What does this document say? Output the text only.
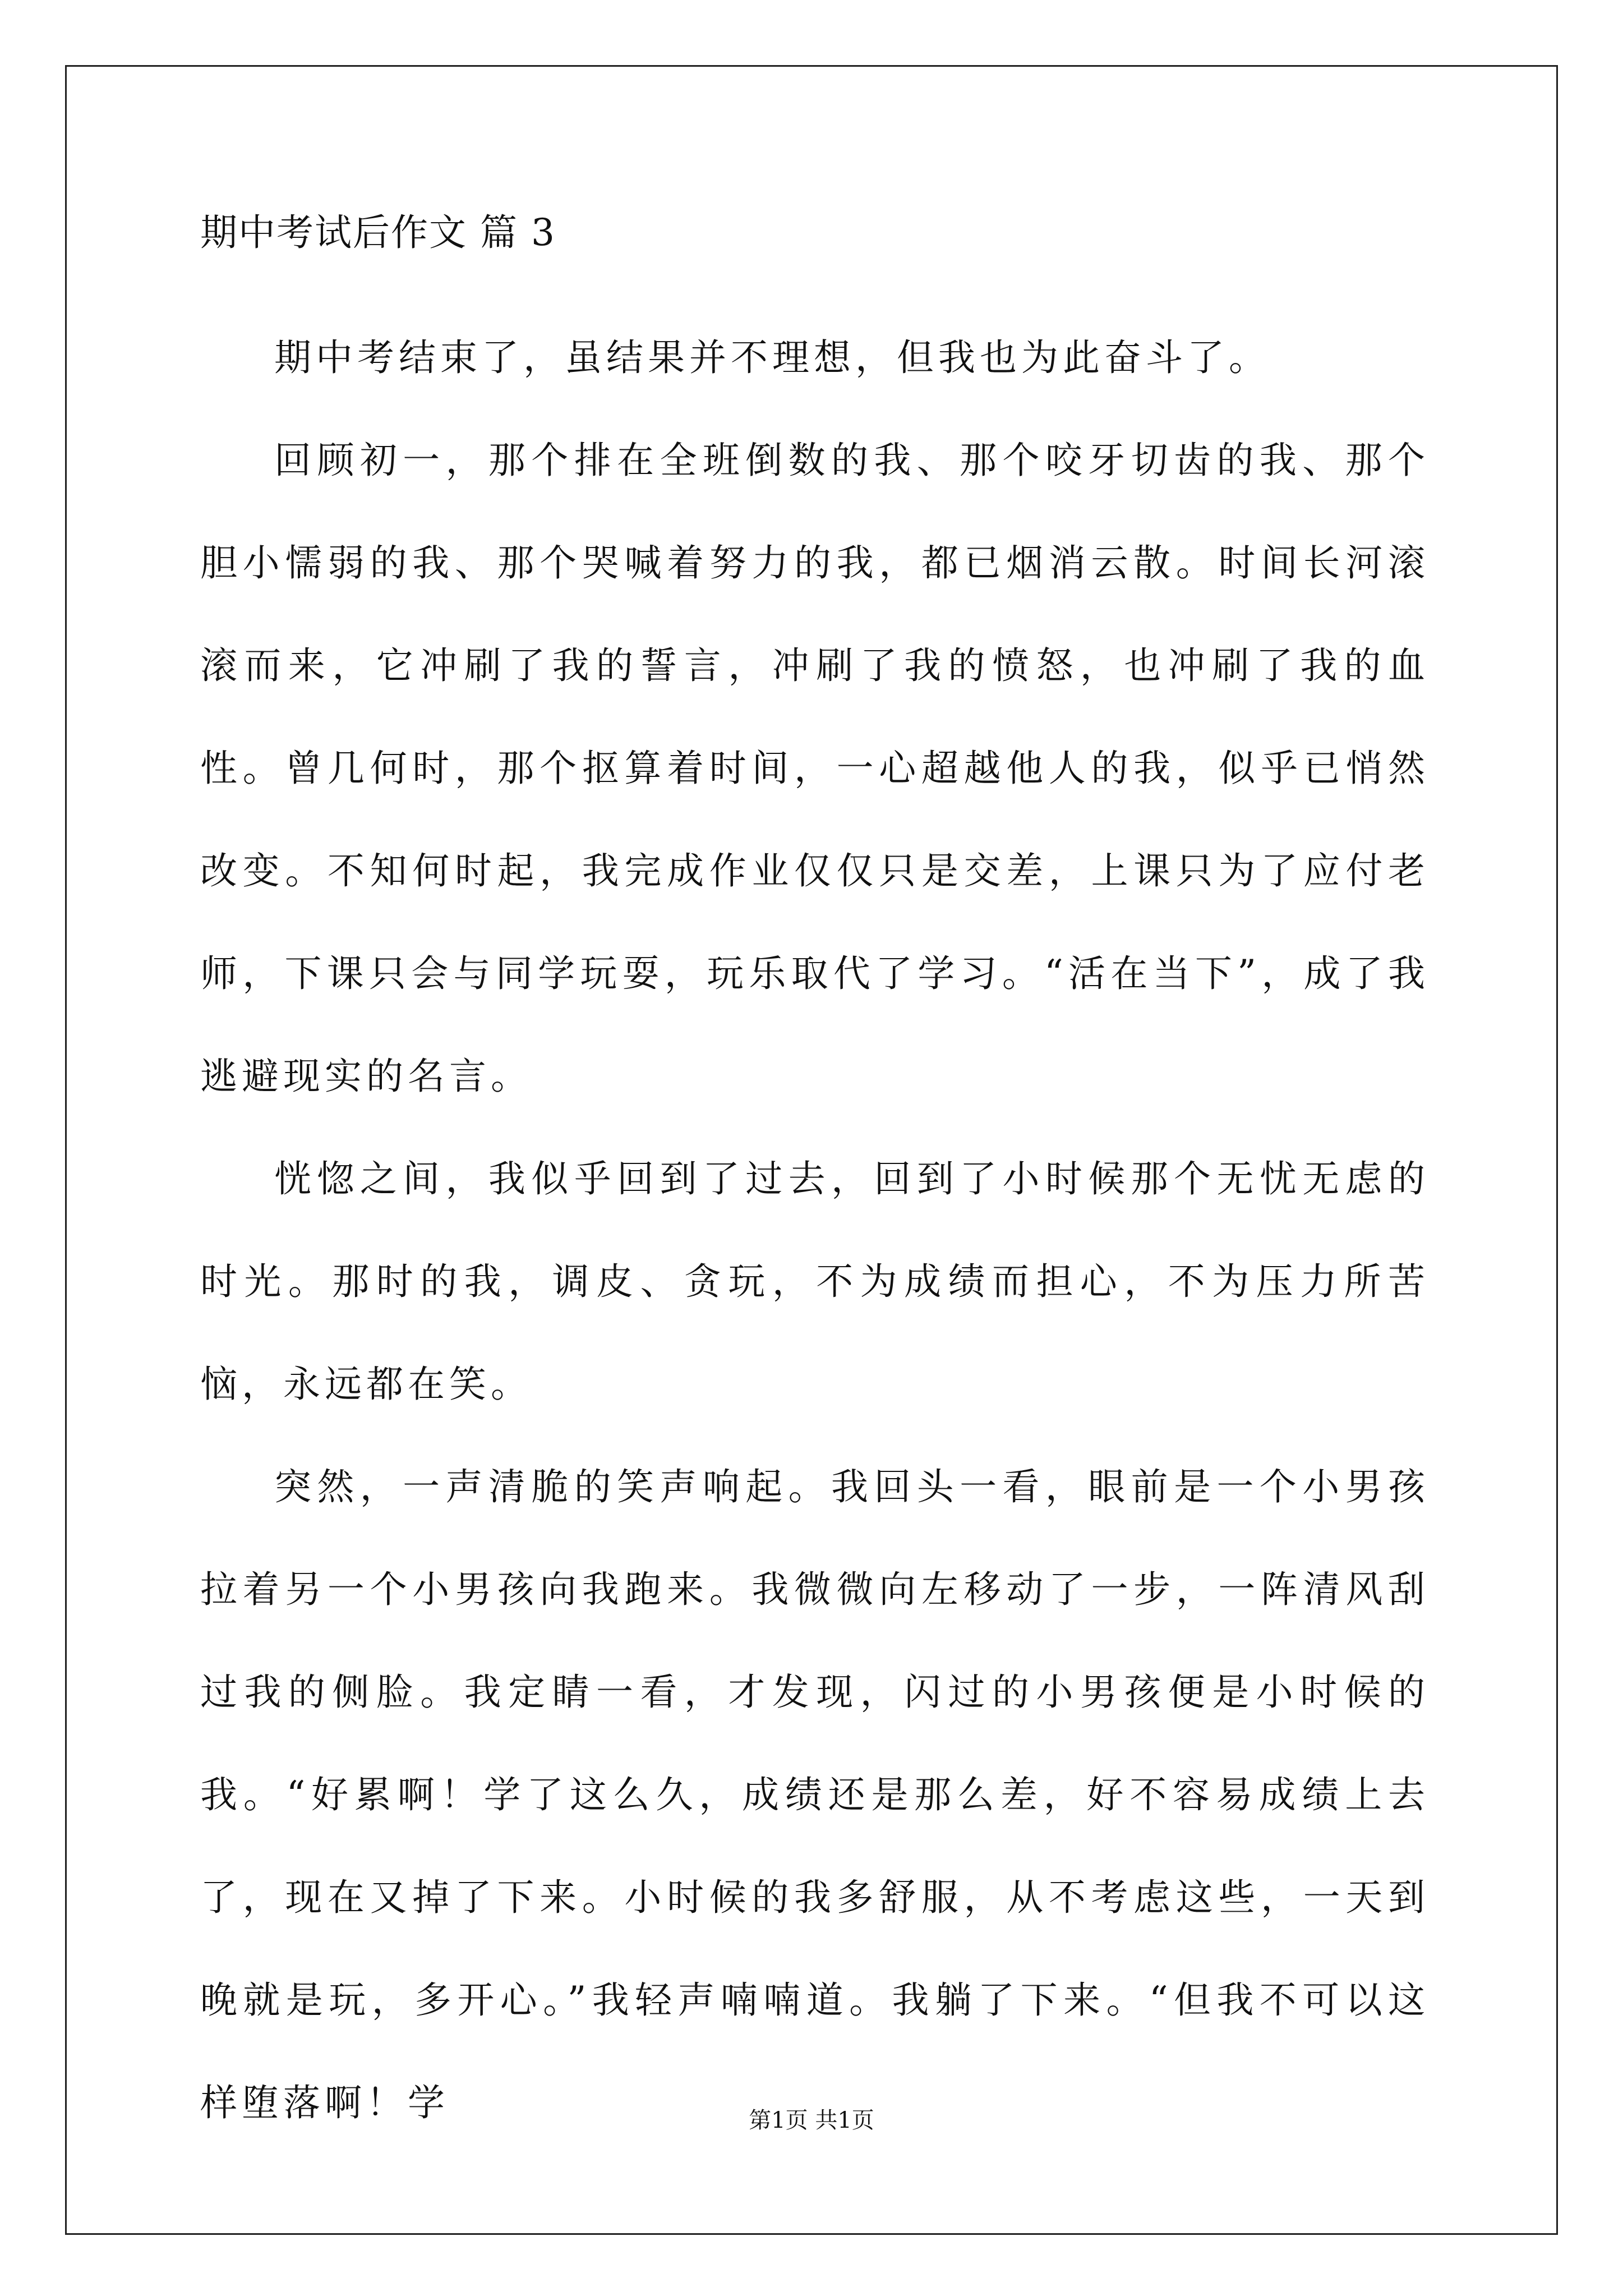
期中考试后作文 篇 3

期中考结束了，虽结果并不理想，但我也为此奋斗了。

回顾初一，那个排在全班倒数的我、那个咬牙切齿的我、那个胆小懦弱的我、那个哭喊着努力的我，都已烟消云散。时间长河滚滚而来，它冲刷了我的誓言，冲刷了我的愤怒，也冲刷了我的血性。曾几何时，那个抠算着时间，一心超越他人的我，似乎已悄然改变。不知何时起，我完成作业仅仅只是交差，上课只为了应付老师，下课只会与同学玩耍，玩乐取代了学习。“活在当下”，成了我逃避现实的名言。

恍惚之间，我似乎回到了过去，回到了小时候那个无忧无虑的时光。那时的我，调皮、贪玩，不为成绩而担心，不为压力所苦恼，永远都在笑。

突然，一声清脆的笑声响起。我回头一看，眼前是一个小男孩拉着另一个小男孩向我跑来。我微微向左移动了一步，一阵清风刮过我的侧脸。我定睛一看，才发现，闪过的小男孩便是小时候的我。“好累啊！学了这么久，成绩还是那么差，好不容易成绩上去了，现在又掉了下来。小时候的我多舒服，从不考虑这些，一天到晚就是玩，多开心。”我轻声喃喃道。我躺了下来。“但我不可以这样堕落啊！学	第1页 共1页
